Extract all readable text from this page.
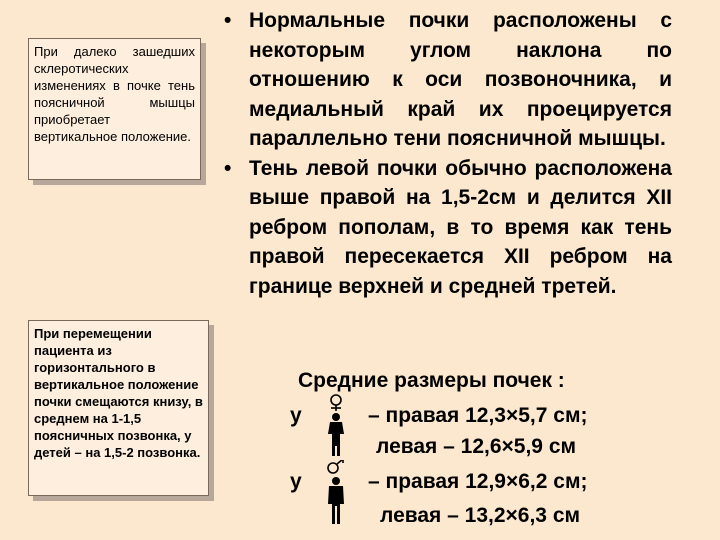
При далеко зашедших склеротических изменениях в почке тень поясничной мышцы приобретает вертикальное положение.

При перемещении пациента из горизонтального в вертикальное положение почки смещаются книзу, в среднем на 1-1,5 поясничных позвонка, у детей – на 1,5-2 позвонка.

• Нормальные почки расположены с некоторым углом наклона по отношению к оси позвоночника, и медиальный край их проецируется параллельно тени поясничной мышцы.
• Тень левой почки обычно расположена выше правой на 1,5-2см и делится XII ребром пополам, в то время как тень правой пересекается XII ребром на границе верхней и средней третей.
Средние размеры почек :
у	– правая 12,3×5,7 см;
левая – 12,6×5,9 см
у	– правая 12,9×6,2 см;
левая – 13,2×6,3 см
